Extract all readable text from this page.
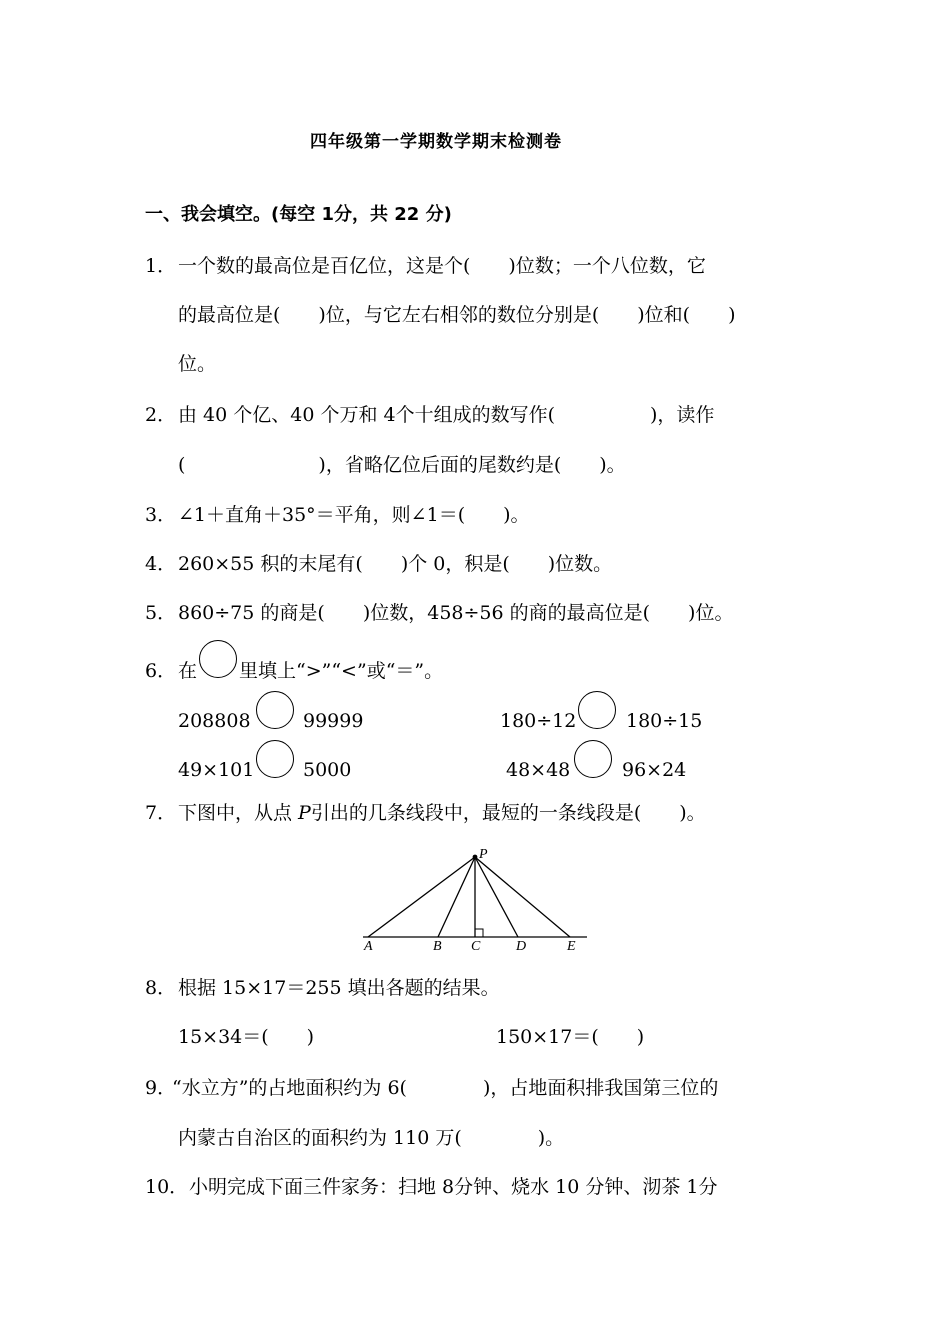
四年级第一学期数学期末检测卷
一、我会填空。(每空 1分，共 22 分)
1． 一个数的最高位是百亿位，这是个(　　)位数；一个八位数，它
的最高位是(　　)位，与它左右相邻的数位分别是(　　)位和(　　)
位。
2． 由 40 个亿、40 个万和 4个十组成的数写作(　　　　　)，读作
(　　　　　　　)，省略亿位后面的尾数约是(　　)。
3． ∠1＋直角＋35°＝平角，则∠1＝(　　)。
4． 260×55 积的末尾有(　　)个 0，积是(　　)位数。
5． 860÷75 的商是(　　)位数，458÷56 的商的最高位是(　　)位。
6． 在 里填上“>”“<”或“＝”。
208808	99999	180÷12	180÷15
49×101	5000	48×48	96×24
7． 下图中，从点 P引出的几条线段中，最短的一条线段是(　　)。
P
A	B C	D	E
8． 根据 15×17＝255 填出各题的结果。
15×34＝(　　)	150×17＝(　　)
9．
“水立方”的占地面积约为 6(　　　　)，占地面积排我国第三位的
内蒙古自治区的面积约为 110 万(　　　　)。
10． 小明完成下面三件家务：扫地 8分钟、烧水 10 分钟、沏茶 1分
